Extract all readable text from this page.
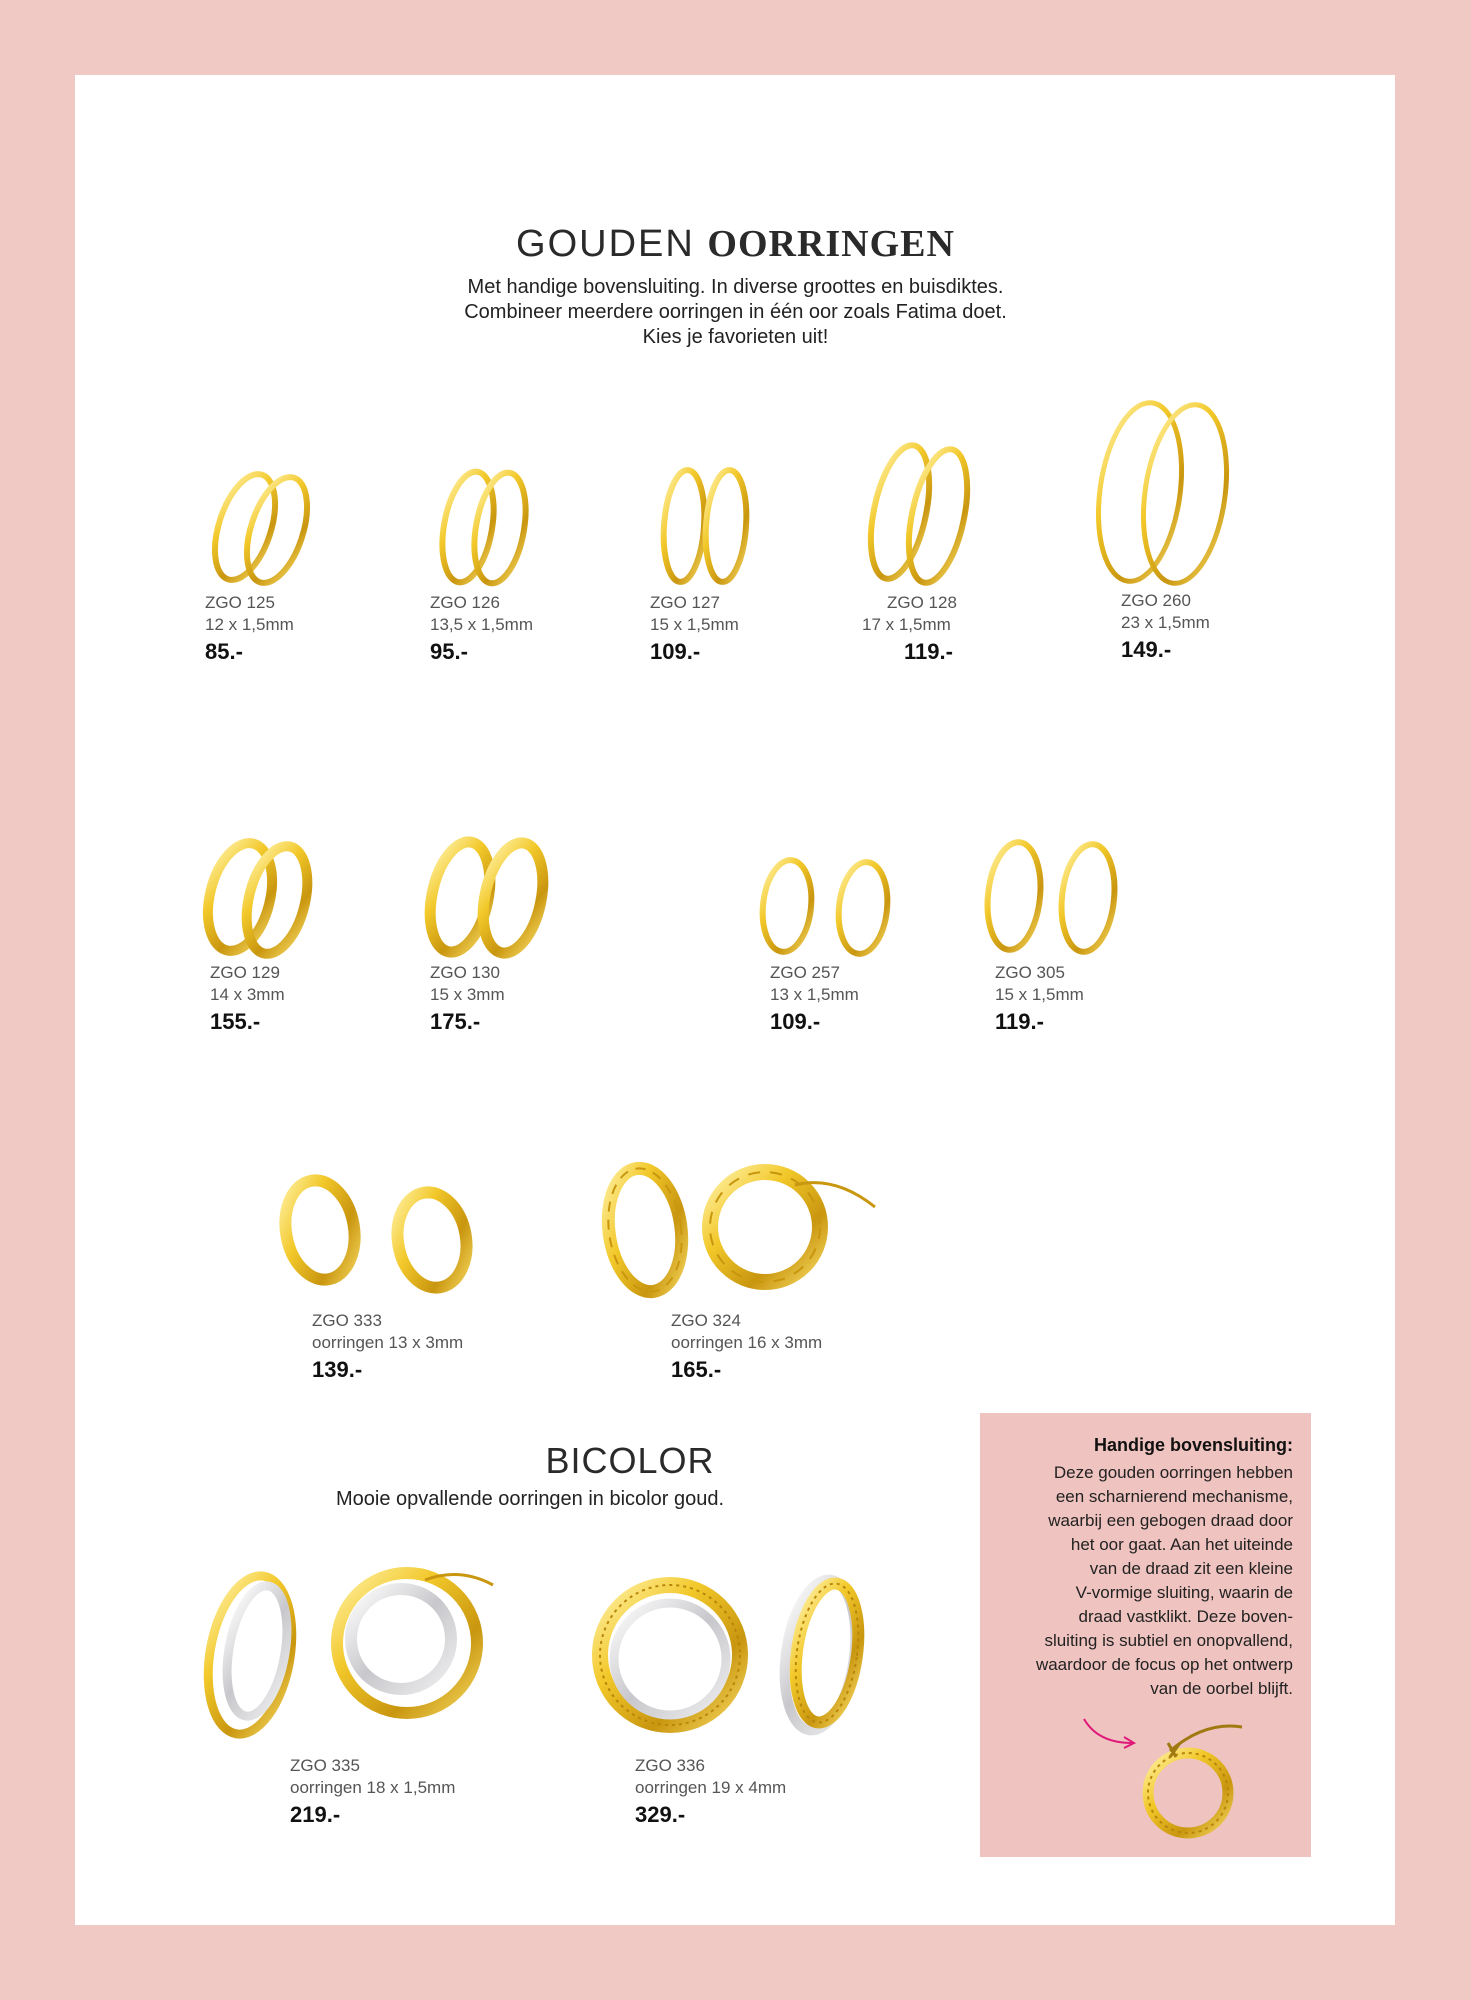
GOUDEN OORRINGEN
Met handige bovensluiting. In diverse groottes en buisdiktes.
Combineer meerdere oorringen in één oor zoals Fatima doet.
Kies je favorieten uit!
ZGO 125
12 x 1,5mm
85.-
ZGO 126
13,5 x 1,5mm
95.-
ZGO 127
15 x 1,5mm
109.-
ZGO 128
17 x 1,5mm
119.-
ZGO 260
23 x 1,5mm
149.-
ZGO 129
14 x 3mm
155.-
ZGO 130
15 x 3mm
175.-
ZGO 257
13 x 1,5mm
109.-
ZGO 305
15 x 1,5mm
119.-
ZGO 333
oorringen 13 x 3mm
139.-
ZGO 324
oorringen 16 x 3mm
165.-
BICOLOR
Mooie opvallende oorringen in bicolor goud.
ZGO 335
oorringen 18 x 1,5mm
219.-
ZGO 336
oorringen 19 x 4mm
329.-
Handige bovensluiting:
Deze gouden oorringen hebben
een scharnierend mechanisme,
waarbij een gebogen draad door
het oor gaat. Aan het uiteinde
van de draad zit een kleine
V-vormige sluiting, waarin de
draad vastklikt. Deze boven-
sluiting is subtiel en onopvallend,
waardoor de focus op het ontwerp
van de oorbel blijft.
